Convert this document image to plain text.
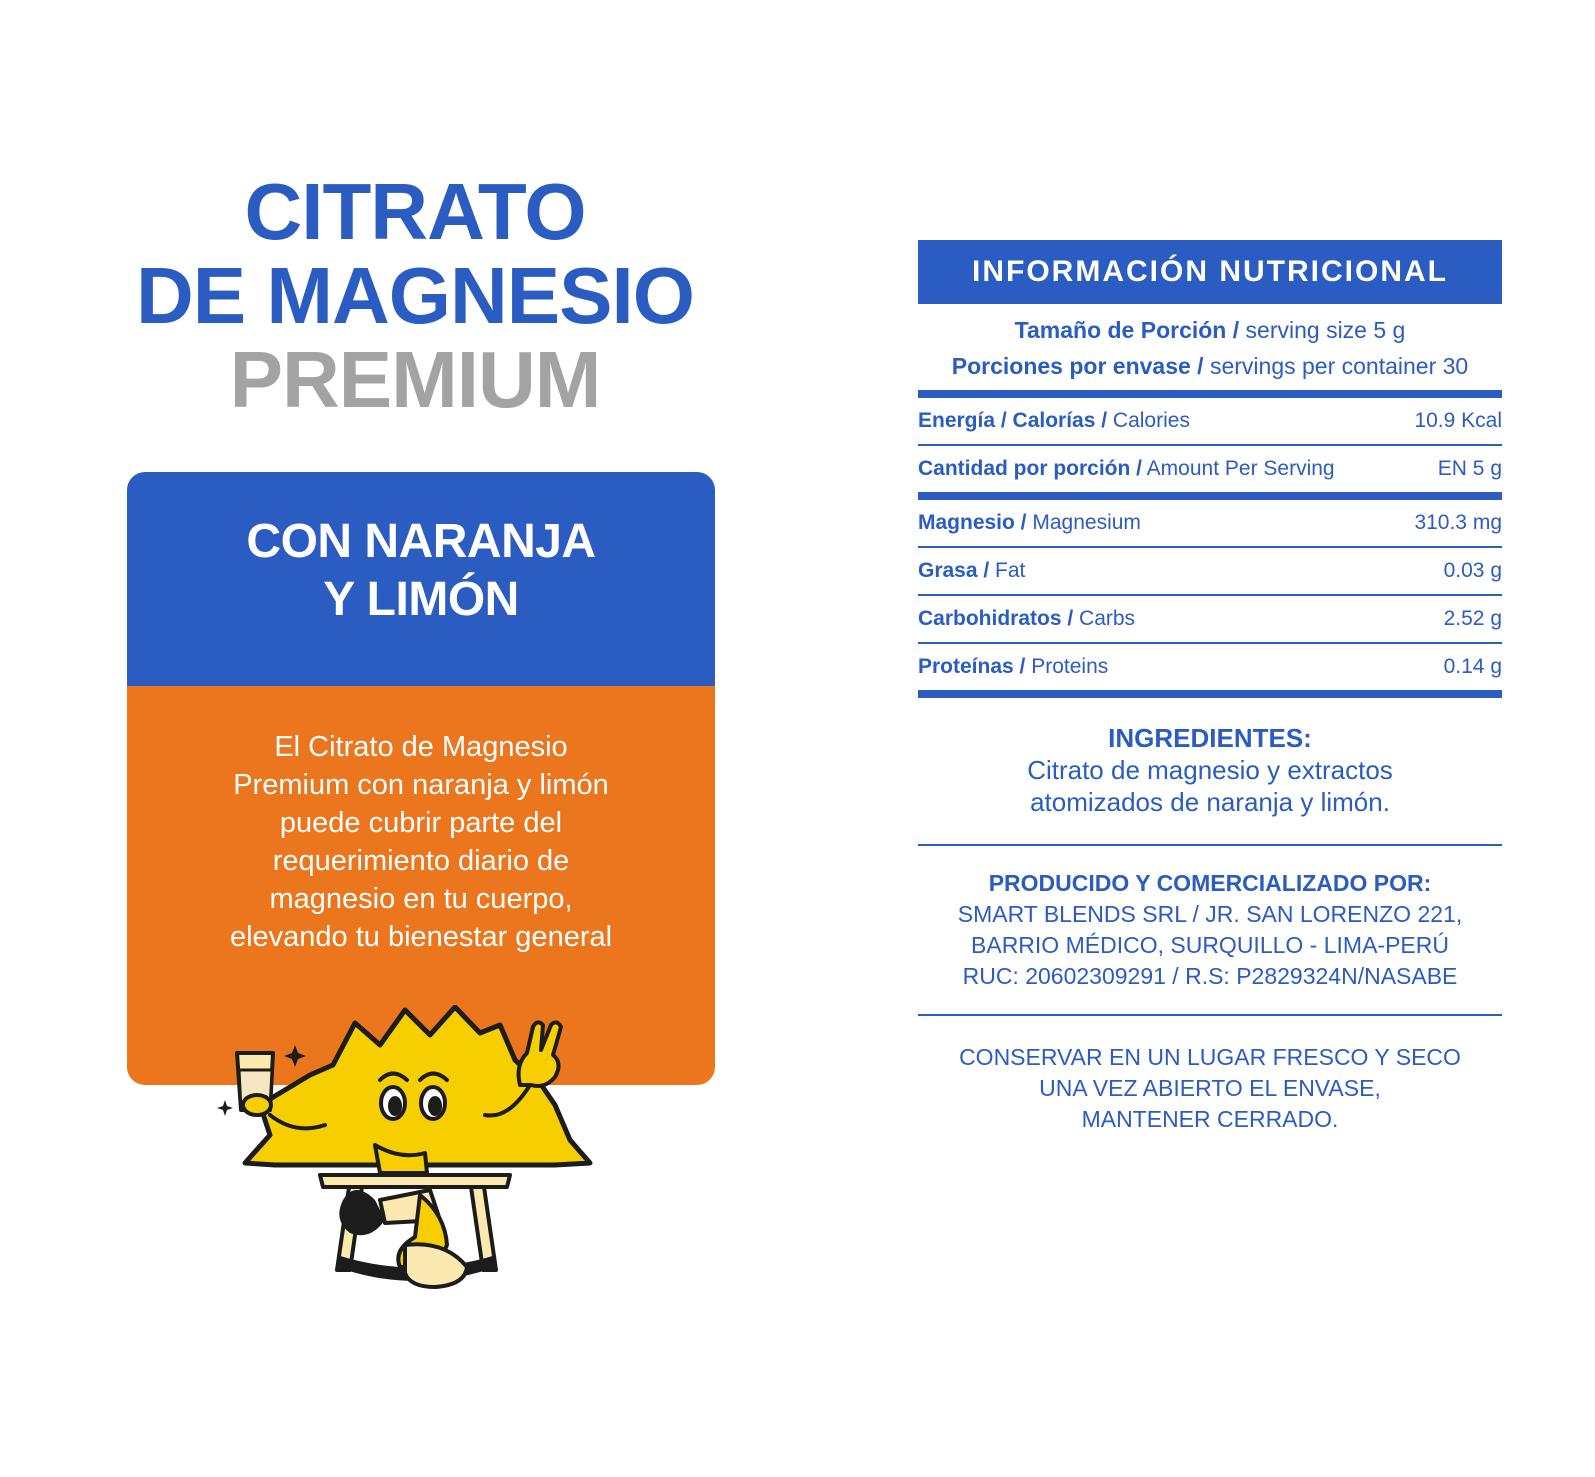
CITRATO
DE MAGNESIO
PREMIUM
CON NARANJA
Y LIMÓN
El Citrato de Magnesio
Premium con naranja y limón
puede cubrir parte del
requerimiento diario de
magnesio en tu cuerpo,
elevando tu bienestar general
INFORMACIÓN NUTRICIONAL
Tamaño de Porción / serving size 5 g
Porciones por envase / servings per container 30
Energía / Calorías / Calories	10.9 Kcal
Cantidad por porción / Amount Per Serving	EN 5 g
Magnesio / Magnesium	310.3 mg
Grasa / Fat	0.03 g
Carbohidratos / Carbs	2.52 g
Proteínas / Proteins	0.14 g
INGREDIENTES:
Citrato de magnesio y extractos
atomizados de naranja y limón.
PRODUCIDO Y COMERCIALIZADO POR:
SMART BLENDS SRL / JR. SAN LORENZO 221,
BARRIO MÉDICO, SURQUILLO - LIMA-PERÚ
RUC: 20602309291 / R.S: P2829324N/NASABE
CONSERVAR EN UN LUGAR FRESCO Y SECO
UNA VEZ ABIERTO EL ENVASE,
MANTENER CERRADO.
